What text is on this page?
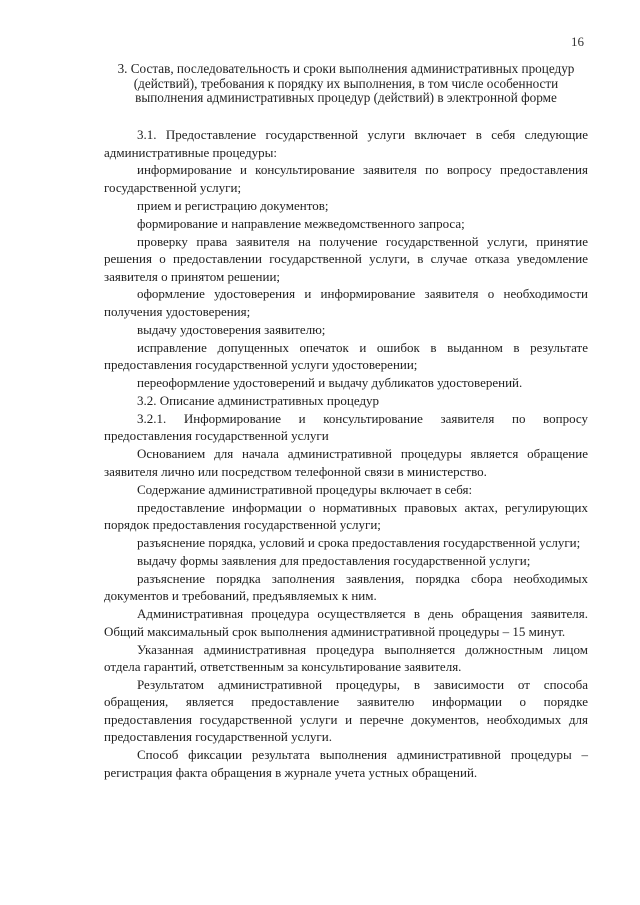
16
3. Состав, последовательность и сроки выполнения административных процедур (действий), требования к порядку их выполнения, в том числе особенности выполнения административных процедур (действий) в электронной форме

3.1. Предоставление государственной услуги включает в себя следующие административные процедуры:

информирование и консультирование заявителя по вопросу предоставления государственной услуги;

прием и регистрацию документов;

формирование и направление межведомственного запроса;

проверку права заявителя на получение государственной услуги, принятие решения о предоставлении государственной услуги, в случае отказа уведомление заявителя о принятом решении;

оформление удостоверения и информирование заявителя о необходимости получения удостоверения;

выдачу удостоверения заявителю;

исправление допущенных опечаток и ошибок в выданном в результате предоставления государственной услуги удостоверении;

переоформление удостоверений и выдачу дубликатов удостоверений.

3.2. Описание административных процедур

3.2.1. Информирование и консультирование заявителя по вопросу предоставления государственной услуги

Основанием для начала административной процедуры является обращение заявителя лично или посредством телефонной связи в министерство.

Содержание административной процедуры включает в себя:

предоставление информации о нормативных правовых актах, регулирующих порядок предоставления государственной услуги;

разъяснение порядка, условий и срока предоставления государственной услуги;

выдачу формы заявления для предоставления государственной услуги;

разъяснение порядка заполнения заявления, порядка сбора необходимых документов и требований, предъявляемых к ним.

Административная процедура осуществляется в день обращения заявителя. Общий максимальный срок выполнения административной процедуры – 15 минут.

Указанная административная процедура выполняется должностным лицом отдела гарантий, ответственным за консультирование заявителя.

Результатом административной процедуры, в зависимости от способа обращения, является предоставление заявителю информации о порядке предоставления государственной услуги и перечне документов, необходимых для предоставления государственной услуги.

Способ фиксации результата выполнения административной процедуры – регистрация факта обращения в журнале учета устных обращений.
